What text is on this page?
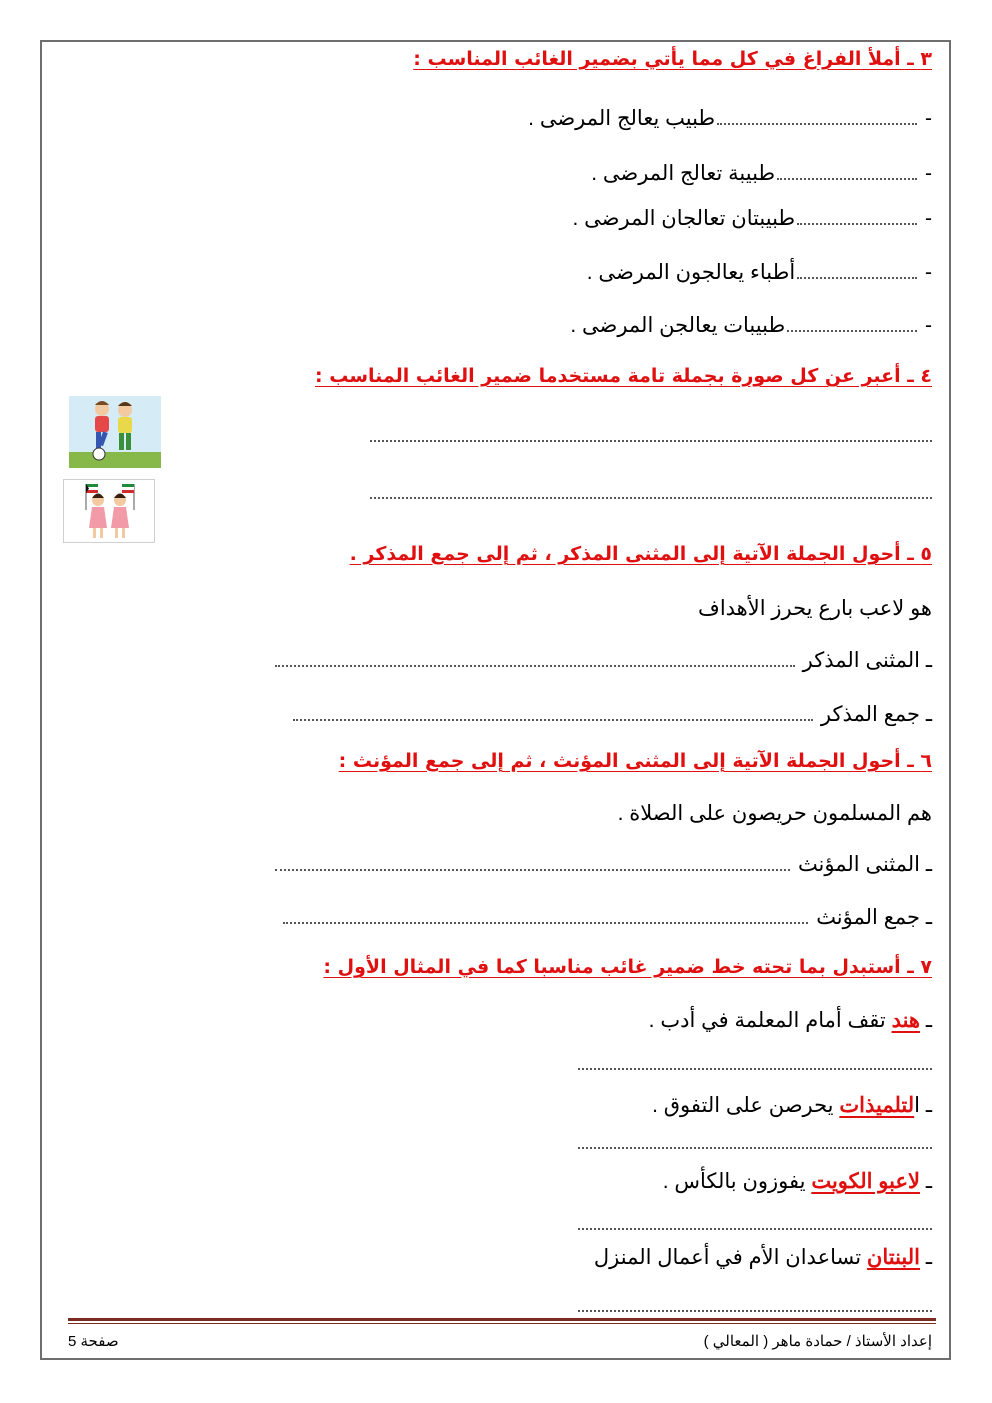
٣ ـ أملأ الفراغ في كل مما يأتي بضمير الغائب المناسب :
- طبيب يعالج المرضى .
- طبيبة تعالج المرضى .
- طبيبتان تعالجان المرضى .
- أطباء يعالجون المرضى .
- طبيبات يعالجن المرضى .
٤ ـ أعبر عن كل صورة بجملة تامة مستخدما ضمير الغائب المناسب :
٥ ـ أحول الجملة الآتية إلى المثنى المذكر ، ثم إلى جمع المذكر .
هو لاعب بارع يحرز الأهداف
ـ المثنى المذكر
ـ جمع المذكر
٦ ـ أحول الجملة الآتية إلى المثنى المؤنث ، ثم إلى جمع المؤنث :
هم المسلمون حريصون على الصلاة .
ـ المثنى المؤنث
ـ جمع المؤنث
٧ ـ أستبدل بما تحته خط ضمير غائب مناسبا كما في المثال الأول :
ـ هند تقف أمام المعلمة في أدب .
ـ التلميذات يحرصن على التفوق .
ـ لاعبو الكويت يفوزون بالكأس .
ـ البنتان تساعدان الأم في أعمال المنزل
إعداد الأستاذ / حمادة ماهر ( المعالي )
صفحة 5
